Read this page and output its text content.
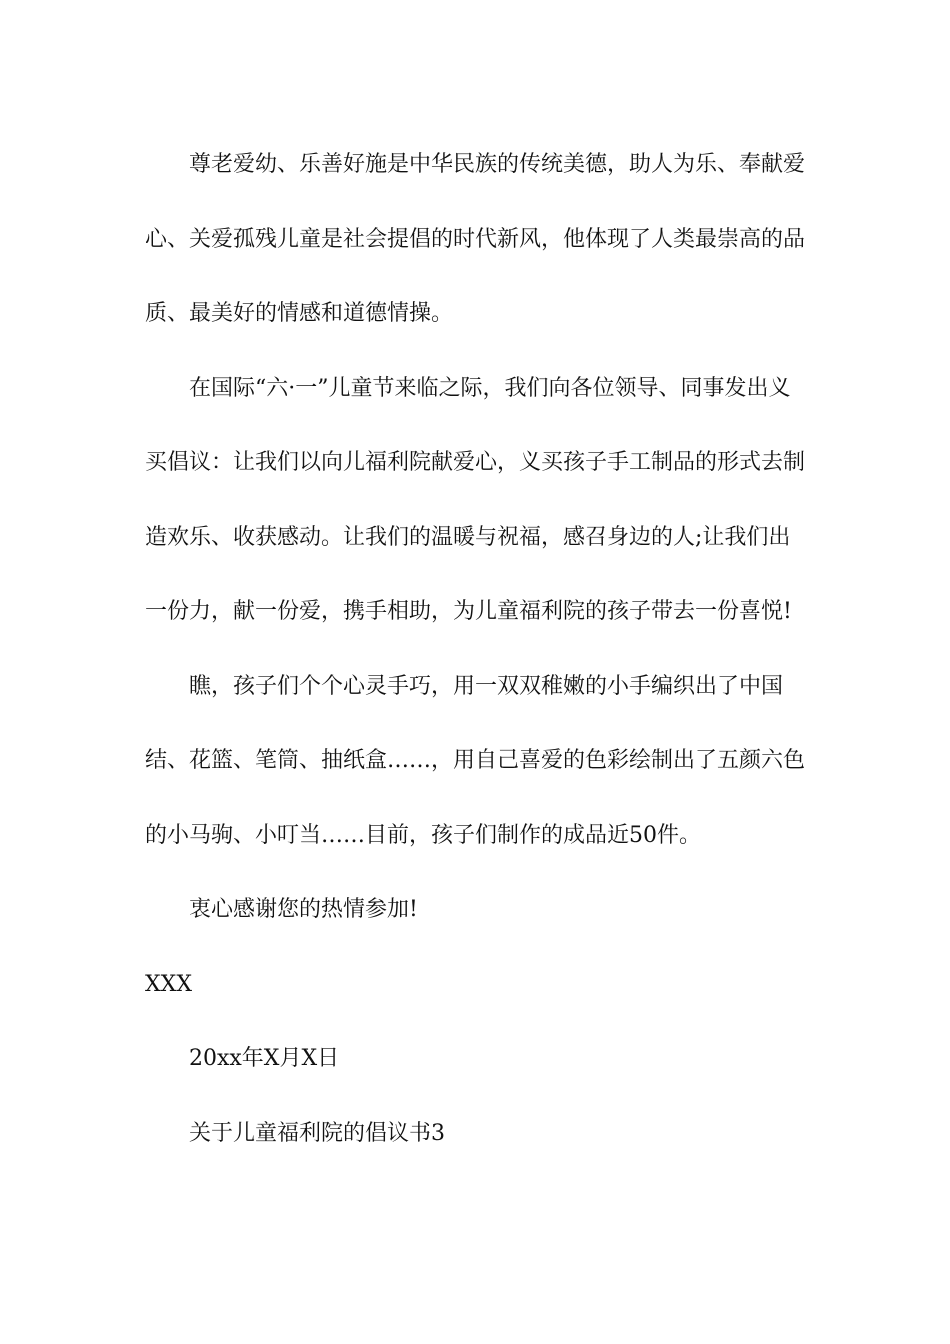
尊老爱幼、乐善好施是中华民族的传统美德，助人为乐、奉献爱心、关爱孤残儿童是社会提倡的时代新风，他体现了人类最崇高的品质、最美好的情感和道德情操。

在国际“六·一”儿童节来临之际，我们向各位领导、同事发出义买倡议：让我们以向儿福利院献爱心，义买孩子手工制品的形式去制造欢乐、收获感动。让我们的温暖与祝福，感召身边的人;让我们出一份力，献一份爱，携手相助，为儿童福利院的孩子带去一份喜悦!

瞧，孩子们个个心灵手巧，用一双双稚嫩的小手编织出了中国结、花篮、笔筒、抽纸盒……，用自己喜爱的色彩绘制出了五颜六色的小马驹、小叮当……目前，孩子们制作的成品近50件。

衷心感谢您的热情参加!

XXX

20xx年X月X日

关于儿童福利院的倡议书3
